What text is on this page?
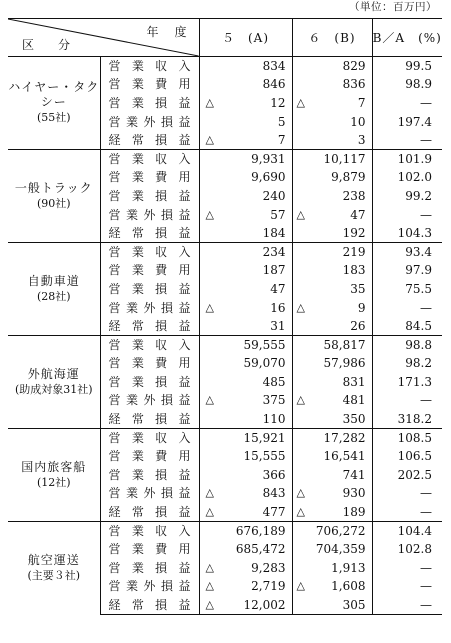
（単位：百万円）
年　度
区　分		５　(A)	６　(B)	B／A　(%)

ハイヤー・タクシー
(55社)	営業収入	834	829	99.5
	営業費用	846	836	98.9
	営業損益	△ 12	△ 7	—
	営業外損益	5	10	197.4
	経常損益	△ 7	3	—

一般トラック
(90社)	営業収入	9,931	10,117	101.9
	営業費用	9,690	9,879	102.0
	営業損益	240	238	99.2
	営業外損益	△ 57	△ 47	—
	経常損益	184	192	104.3

自動車道
(28社)	営業収入	234	219	93.4
	営業費用	187	183	97.9
	営業損益	47	35	75.5
	営業外損益	△ 16	△ 9	—
	経常損益	31	26	84.5

外航海運
(助成対象31社)	営業収入	59,555	58,817	98.8
	営業費用	59,070	57,986	98.2
	営業損益	485	831	171.3
	営業外損益	△ 375	△ 481	—
	経常損益	110	350	318.2

国内旅客船
(12社)	営業収入	15,921	17,282	108.5
	営業費用	15,555	16,541	106.5
	営業損益	366	741	202.5
	営業外損益	△ 843	△ 930	—
	経常損益	△ 477	△ 189	—

航空運送
(主要３社)	営業収入	676,189	706,272	104.4
	営業費用	685,472	704,359	102.8
	営業損益	△ 9,283	1,913	—
	営業外損益	△ 2,719	△ 1,608	—
	経常損益	△ 12,002	305	—
